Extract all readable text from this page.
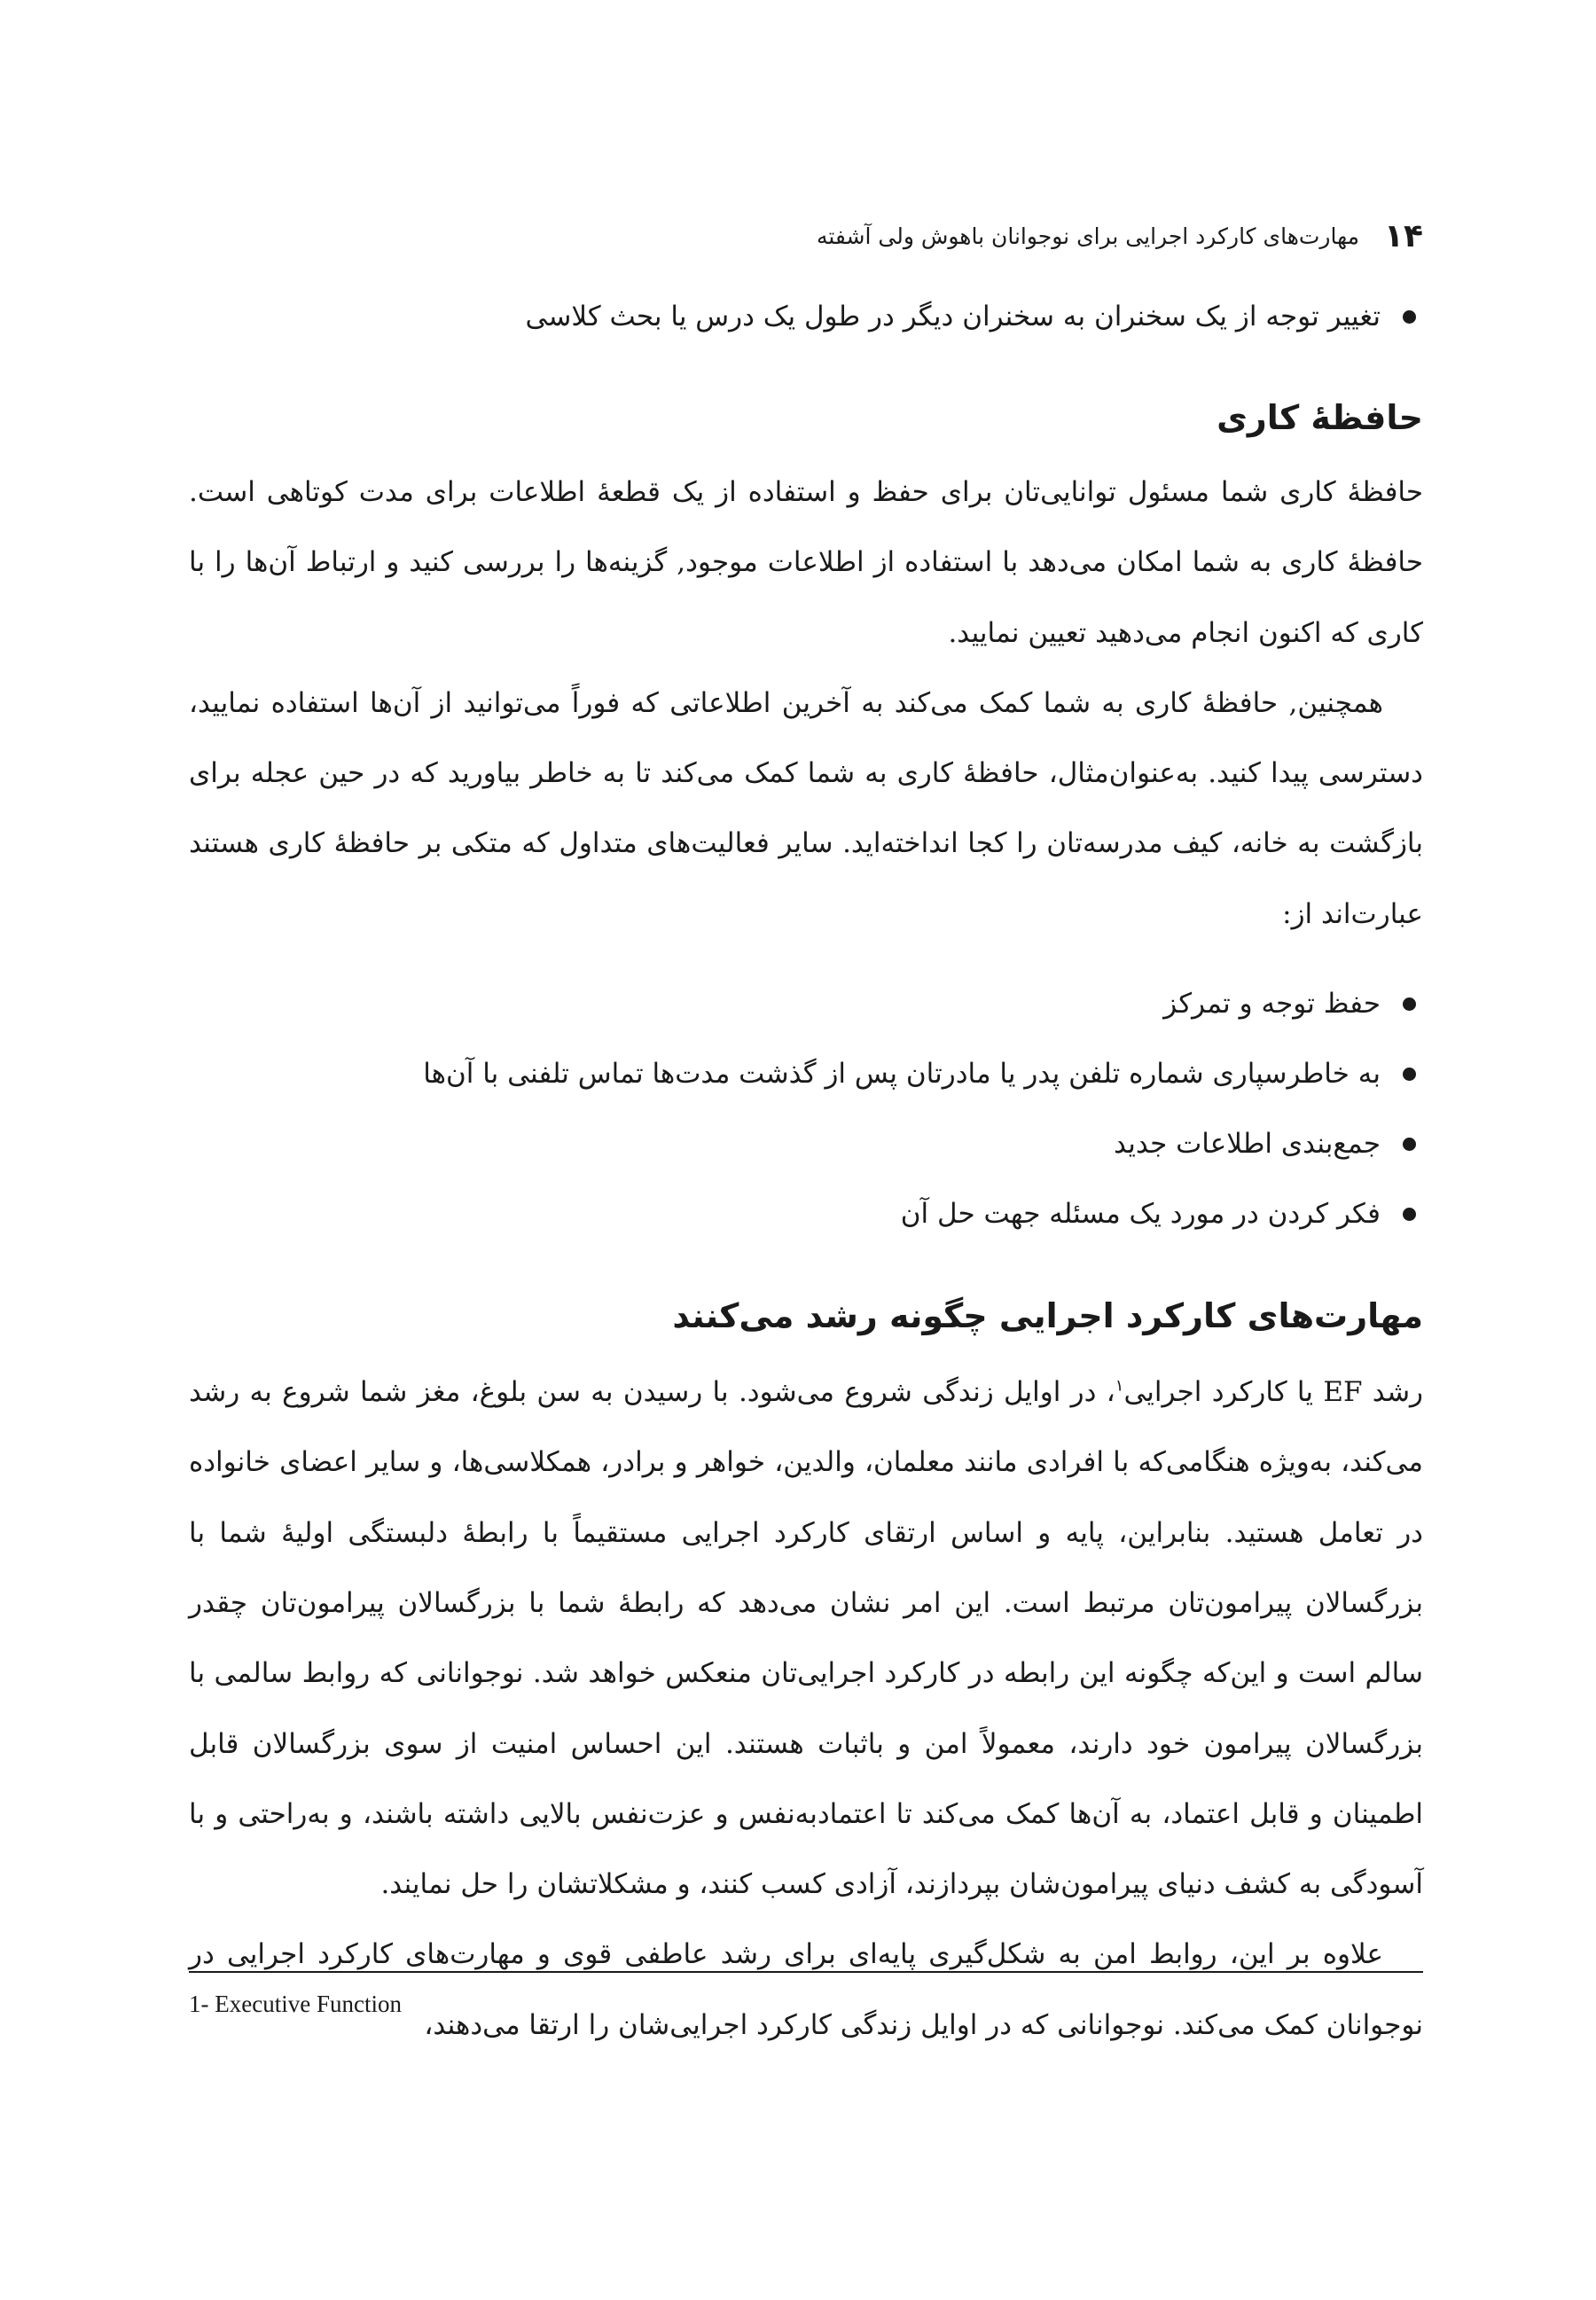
۱۴
مهارت‌های کارکرد اجرایی برای نوجوانان باهوش ولی آشفته
تغییر توجه از یک سخنران به سخنران دیگر در طول یک درس یا بحث کلاسی
حافظهٔ کاری

حافظهٔ کاری شما مسئول توانایی‌تان برای حفظ و استفاده از یک قطعهٔ اطلاعات برای مدت کوتاهی است. حافظهٔ کاری به شما امکان می‌دهد با استفاده از اطلاعات موجود, گزینه‌ها را بررسی کنید و ارتباط آن‌ها را با کاری که اکنون انجام می‌دهید تعیین نمایید.

همچنین, حافظهٔ کاری به شما کمک می‌کند به آخرین اطلاعاتی که فوراً می‌توانید از آن‌ها استفاده نمایید، دسترسی پیدا کنید. به‌عنوان‌مثال، حافظهٔ کاری به شما کمک می‌کند تا به خاطر بیاورید که در حین عجله برای بازگشت به خانه، کیف مدرسه‌تان را کجا انداخته‌اید. سایر فعالیت‌های متداول که متکی بر حافظهٔ کاری هستند عبارت‌اند از:

حفظ توجه و تمرکز
به خاطرسپاری شماره تلفن پدر یا مادرتان پس از گذشت مدت‌ها تماس تلفنی با آن‌ها
جمع‌بندی اطلاعات جدید
فکر کردن در مورد یک مسئله جهت حل آن
مهارت‌های کارکرد اجرایی چگونه رشد می‌کنند

رشد EF یا کارکرد اجرایی$^۱$، در اوایل زندگی شروع می‌شود. با رسیدن به سن بلوغ، مغز شما شروع به رشد می‌کند، به‌ویژه هنگامی‌که با افرادی مانند معلمان، والدین، خواهر و برادر، همکلاسی‌ها، و سایر اعضای خانواده در تعامل هستید. بنابراین، پایه و اساس ارتقای کارکرد اجرایی مستقیماً با رابطهٔ دلبستگی اولیهٔ شما با بزرگسالان پیرامون‌تان مرتبط است. این امر نشان می‌دهد که رابطهٔ شما با بزرگسالان پیرامون‌تان چقدر سالم است و این‌که چگونه این رابطه در کارکرد اجرایی‌تان منعکس خواهد شد. نوجوانانی که روابط سالمی با بزرگسالان پیرامون خود دارند، معمولاً امن و باثبات هستند. این احساس امنیت از سوی بزرگسالان قابل اطمینان و قابل اعتماد، به آن‌ها کمک می‌کند تا اعتمادبه‌نفس و عزت‌نفس بالایی داشته باشند، و به‌راحتی و با آسودگی به کشف دنیای پیرامون‌شان بپردازند، آزادی کسب کنند، و مشکلاتشان را حل نمایند.

علاوه بر این، روابط امن به شکل‌گیری پایه‌ای برای رشد عاطفی قوی و مهارت‌های کارکرد اجرایی در نوجوانان کمک می‌کند. نوجوانانی که در اوایل زندگی کارکرد اجرایی‌شان را ارتقا می‌دهند،

1- Executive Function
